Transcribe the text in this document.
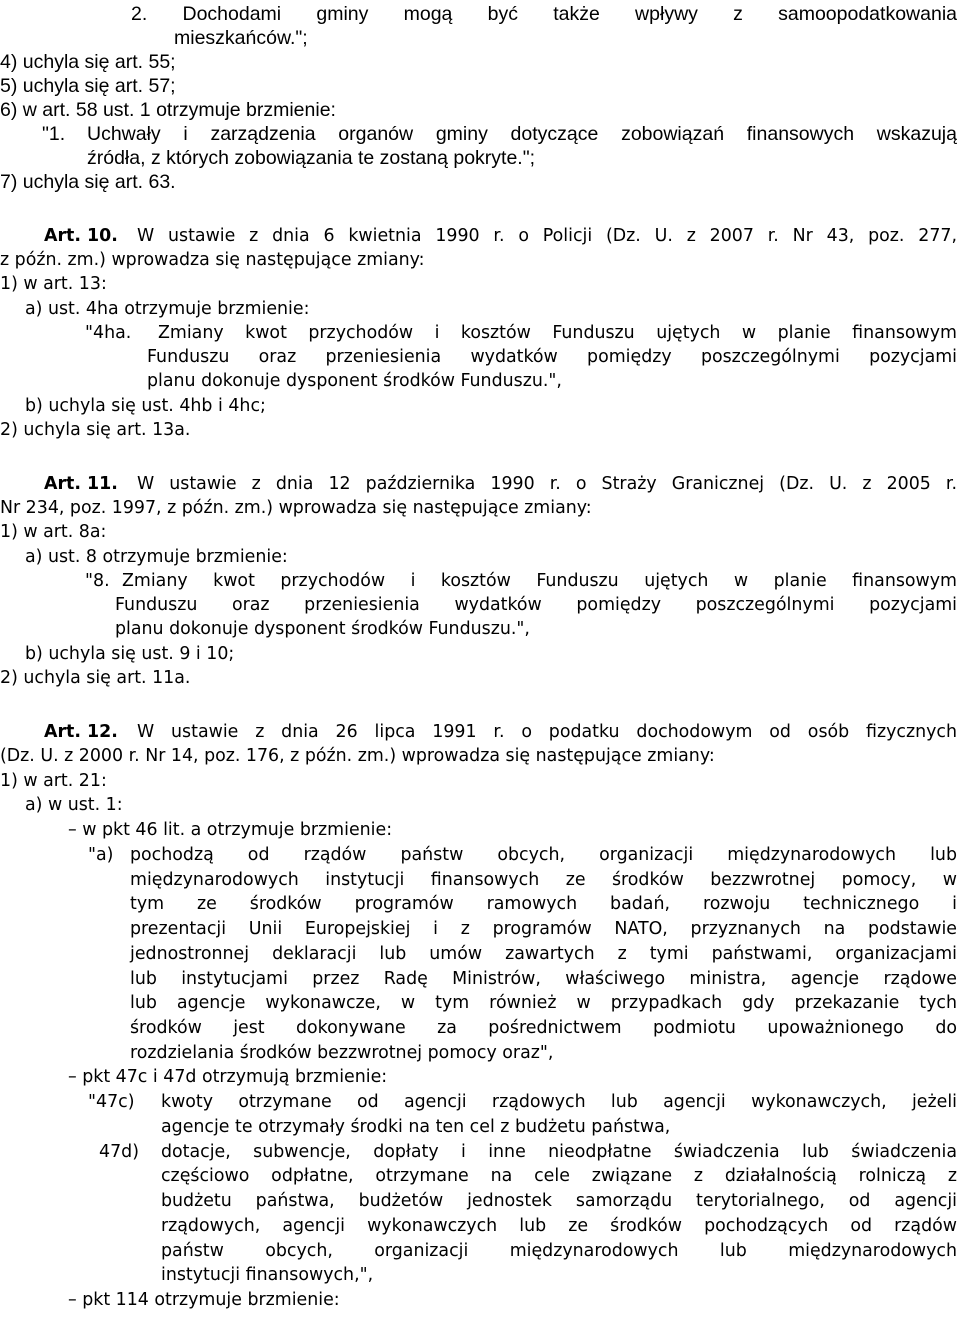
2. Dochodami gminy mogą być także wpływy z samoopodatkowania
mieszkańców.";
4) uchyla się art. 55;
5) uchyla się art. 57;
6) w art. 58 ust. 1 otrzymuje brzmienie:
"1. Uchwały i zarządzenia organów gminy dotyczące zobowiązań finansowych wskazują
źródła, z których zobowiązania te zostaną pokryte.";
7) uchyla się art. 63.
Art. 10. W ustawie z dnia 6 kwietnia 1990 r. o Policji (Dz. U. z 2007 r. Nr 43, poz. 277,
z późn. zm.) wprowadza się następujące zmiany:
1) w art. 13:
a) ust. 4ha otrzymuje brzmienie:
"4ha. Zmiany kwot przychodów i kosztów Funduszu ujętych w planie finansowym
Funduszu oraz przeniesienia wydatków pomiędzy poszczególnymi pozycjami
planu dokonuje dysponent środków Funduszu.",
b) uchyla się ust. 4hb i 4hc;
2) uchyla się art. 13a.
Art. 11. W ustawie z dnia 12 października 1990 r. o Straży Granicznej (Dz. U. z 2005 r.
Nr 234, poz. 1997, z późn. zm.) wprowadza się następujące zmiany:
1) w art. 8a:
a) ust. 8 otrzymuje brzmienie:
"8. Zmiany kwot przychodów i kosztów Funduszu ujętych w planie finansowym
Funduszu oraz przeniesienia wydatków pomiędzy poszczególnymi pozycjami
planu dokonuje dysponent środków Funduszu.",
b) uchyla się ust. 9 i 10;
2) uchyla się art. 11a.
Art. 12. W ustawie z dnia 26 lipca 1991 r. o podatku dochodowym od osób fizycznych
(Dz. U. z 2000 r. Nr 14, poz. 176, z późn. zm.) wprowadza się następujące zmiany:
1) w art. 21:
a) w ust. 1:
– w pkt 46 lit. a otrzymuje brzmienie:
"a) pochodzą od rządów państw obcych, organizacji międzynarodowych lub
międzynarodowych instytucji finansowych ze środków bezzwrotnej pomocy, w
tym ze środków programów ramowych badań, rozwoju technicznego i
prezentacji Unii Europejskiej i z programów NATO, przyznanych na podstawie
jednostronnej deklaracji lub umów zawartych z tymi państwami, organizacjami
lub instytucjami przez Radę Ministrów, właściwego ministra, agencje rządowe
lub agencje wykonawcze, w tym również w przypadkach gdy przekazanie tych
środków jest dokonywane za pośrednictwem podmiotu upoważnionego do
rozdzielania środków bezzwrotnej pomocy oraz",
– pkt 47c i 47d otrzymują brzmienie:
"47c) kwoty otrzymane od agencji rządowych lub agencji wykonawczych, jeżeli
agencje te otrzymały środki na ten cel z budżetu państwa,
47d) dotacje, subwencje, dopłaty i inne nieodpłatne świadczenia lub świadczenia
częściowo odpłatne, otrzymane na cele związane z działalnością rolniczą z
budżetu państwa, budżetów jednostek samorządu terytorialnego, od agencji
rządowych, agencji wykonawczych lub ze środków pochodzących od rządów
państw obcych, organizacji międzynarodowych lub międzynarodowych
instytucji finansowych,",
– pkt 114 otrzymuje brzmienie:
